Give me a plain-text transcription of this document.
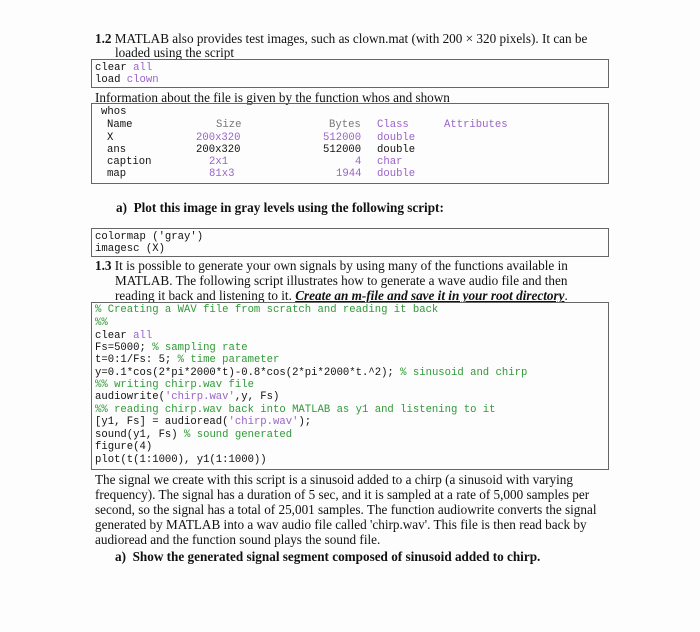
1.2 MATLAB also provides test images, such as clown.mat (with 200 × 320 pixels). It can be
loaded using the script
clear all
load clown
Information about the file is given by the function whos and shown
whos
Name	Size	Bytes Class	Attributes
X	200x320	512000 double
ans	200x320	512000 double
caption	2x1	4 char
map	81x3	1944 double
a) Plot this image in gray levels using the following script:
colormap ('gray')
imagesc (X)
1.3 It is possible to generate your own signals by using many of the functions available in
MATLAB. The following script illustrates how to generate a wave audio file and then
reading it back and listening to it. Create an m-file and save it in your root directory.
% Creating a WAV file from scratch and reading it back
%%
clear all
Fs=5000; % sampling rate
t=0:1/Fs: 5; % time parameter
y=0.1*cos(2*pi*2000*t)-0.8*cos(2*pi*2000*t.^2); % sinusoid and chirp
%% writing chirp.wav file
audiowrite('chirp.wav',y, Fs)
%% reading chirp.wav back into MATLAB as y1 and listening to it
[y1, Fs] = audioread('chirp.wav');
sound(y1, Fs) % sound generated
figure(4)
plot(t(1:1000), y1(1:1000))
The signal we create with this script is a sinusoid added to a chirp (a sinusoid with varying
frequency). The signal has a duration of 5 sec, and it is sampled at a rate of 5,000 samples per
second, so the signal has a total of 25,001 samples. The function audiowrite converts the signal
generated by MATLAB into a wav audio file called 'chirp.wav'. This file is then read back by
audioread and the function sound plays the sound file.
a) Show the generated signal segment composed of sinusoid added to chirp.
